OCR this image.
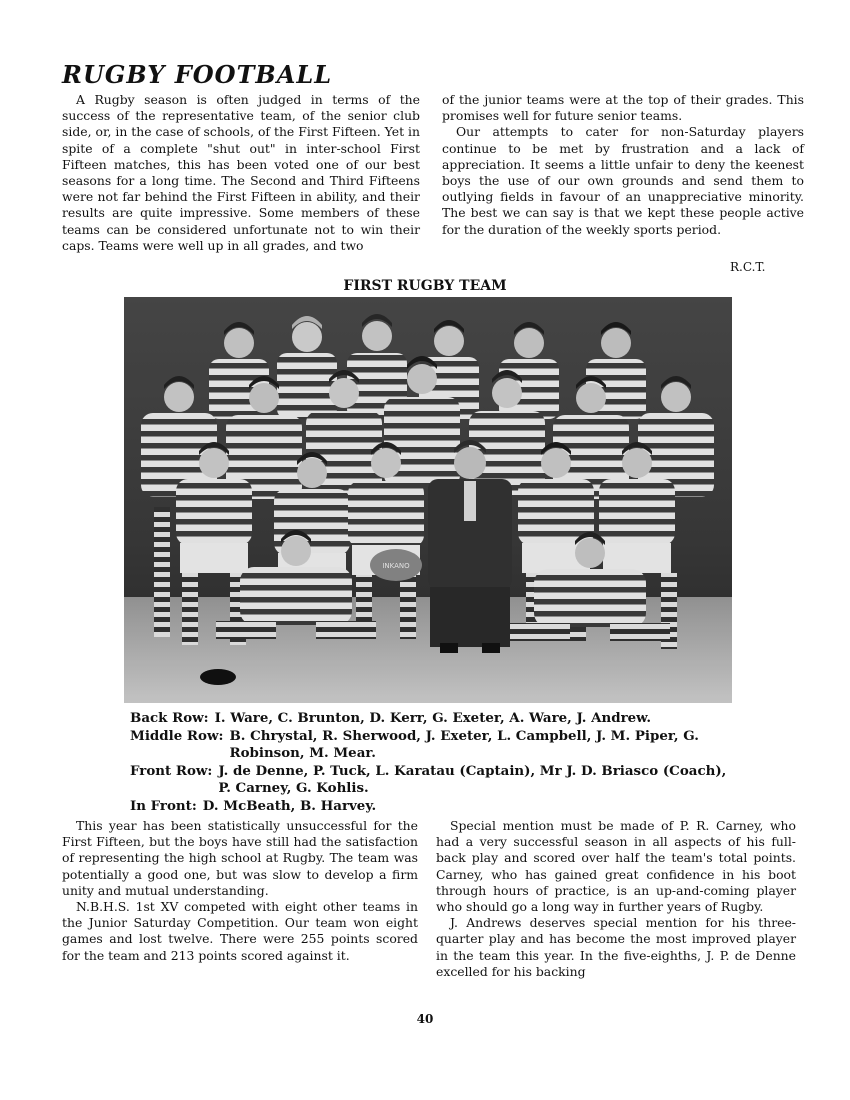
RUGBY FOOTBALL

A Rugby season is often judged in terms of the success of the representative team, of the senior club side, or, in the case of schools, of the First Fifteen. Yet in spite of a complete "shut out" in inter-school First Fifteen matches, this has been voted one of our best seasons for a long time. The Second and Third Fifteens were not far behind the First Fifteen in ability, and their results are quite impressive. Some members of these teams can be considered unfortunate not to win their caps. Teams were well up in all grades, and two

of the junior teams were at the top of their grades. This promises well for future senior teams.

Our attempts to cater for non-Saturday players continue to be met by frustration and a lack of appreciation. It seems a little unfair to deny the keenest boys the use of our own grounds and send them to outlying fields in favour of an unappreciative minority. The best we can say is that we kept these people active for the duration of the weekly sports period.

R.C.T.

FIRST RUGBY TEAM

INKANO
Back Row: I. Ware, C. Brunton, D. Kerr, G. Exeter, A. Ware, J. Andrew.
Middle Row: B. Chrystal, R. Sherwood, J. Exeter, L. Campbell, J. M. Piper, G. Robinson, M. Mear.
Front Row: J. de Denne, P. Tuck, L. Karatau (Captain), Mr J. D. Briasco (Coach), P. Carney, G. Kohlis.
In Front: D. McBeath, B. Harvey.

This year has been statistically unsuccessful for the First Fifteen, but the boys have still had the satisfaction of representing the high school at Rugby. The team was potentially a good one, but was slow to develop a firm unity and mutual understanding.

N.B.H.S. 1st XV competed with eight other teams in the Junior Saturday Competition. Our team won eight games and lost twelve. There were 255 points scored for the team and 213 points scored against it.

Special mention must be made of P. R. Carney, who had a very successful season in all aspects of his full-back play and scored over half the team's total points. Carney, who has gained great confidence in his boot through hours of practice, is an up-and-coming player who should go a long way in further years of Rugby.

J. Andrews deserves special mention for his three-quarter play and has become the most improved player in the team this year. In the five-eighths, J. P. de Denne excelled for his backing

40
